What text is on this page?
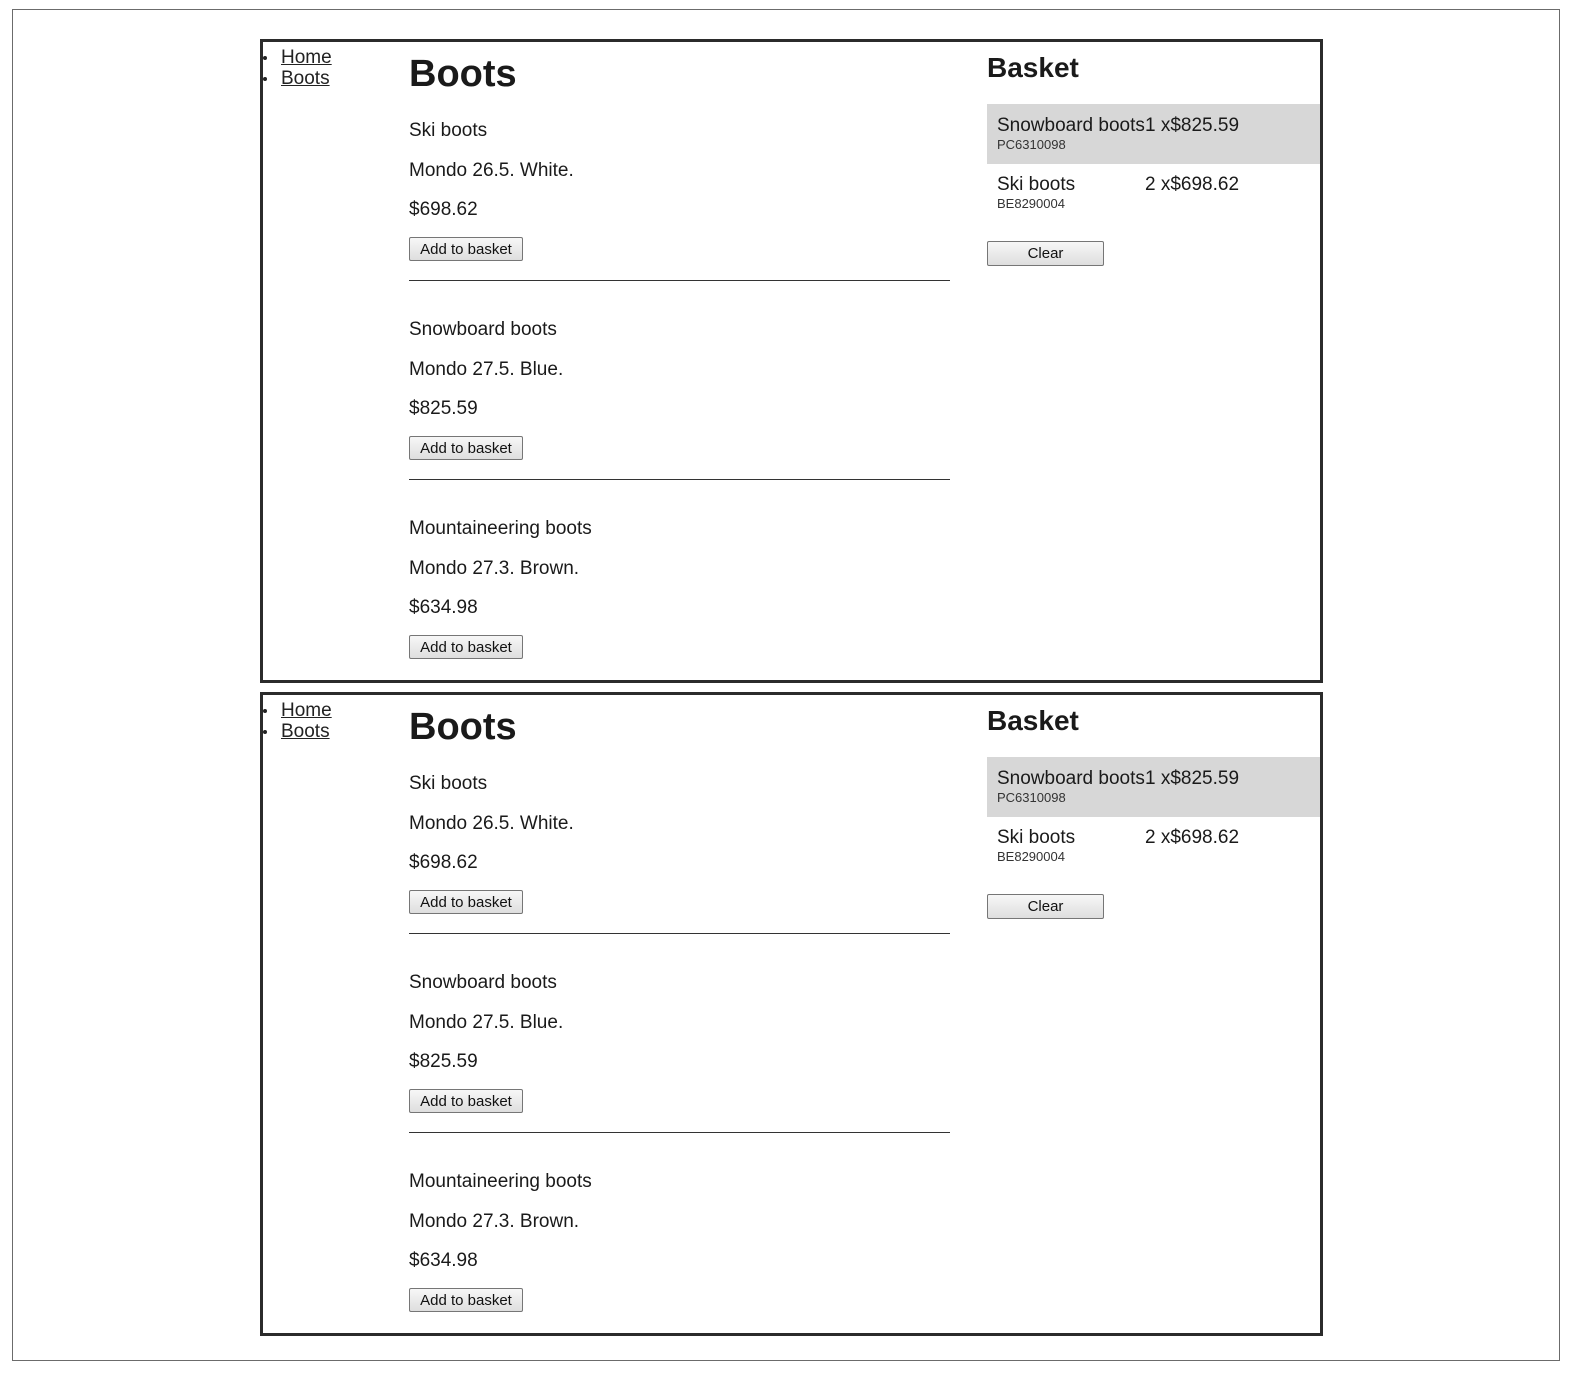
Home
Boots Boots
Ski boots
Mondo 26.5. White.
$698.62
Add to basket
Snowboard boots
Mondo 27.5. Blue.
$825.59
Add to basket
Mountaineering boots
Mondo 27.3. Brown.
$634.98
Add to basket
Basket
Snowboard boots 1 x$825.59
PC6310098
Ski boots	2 x$698.62
BE8290004
Clear
Home
Boots Boots
Ski boots
Mondo 26.5. White.
$698.62
Add to basket
Snowboard boots
Mondo 27.5. Blue.
$825.59
Add to basket
Mountaineering boots
Mondo 27.3. Brown.
$634.98
Add to basket
Basket
Snowboard boots 1 x$825.59
PC6310098
Ski boots	2 x$698.62
BE8290004
Clear
